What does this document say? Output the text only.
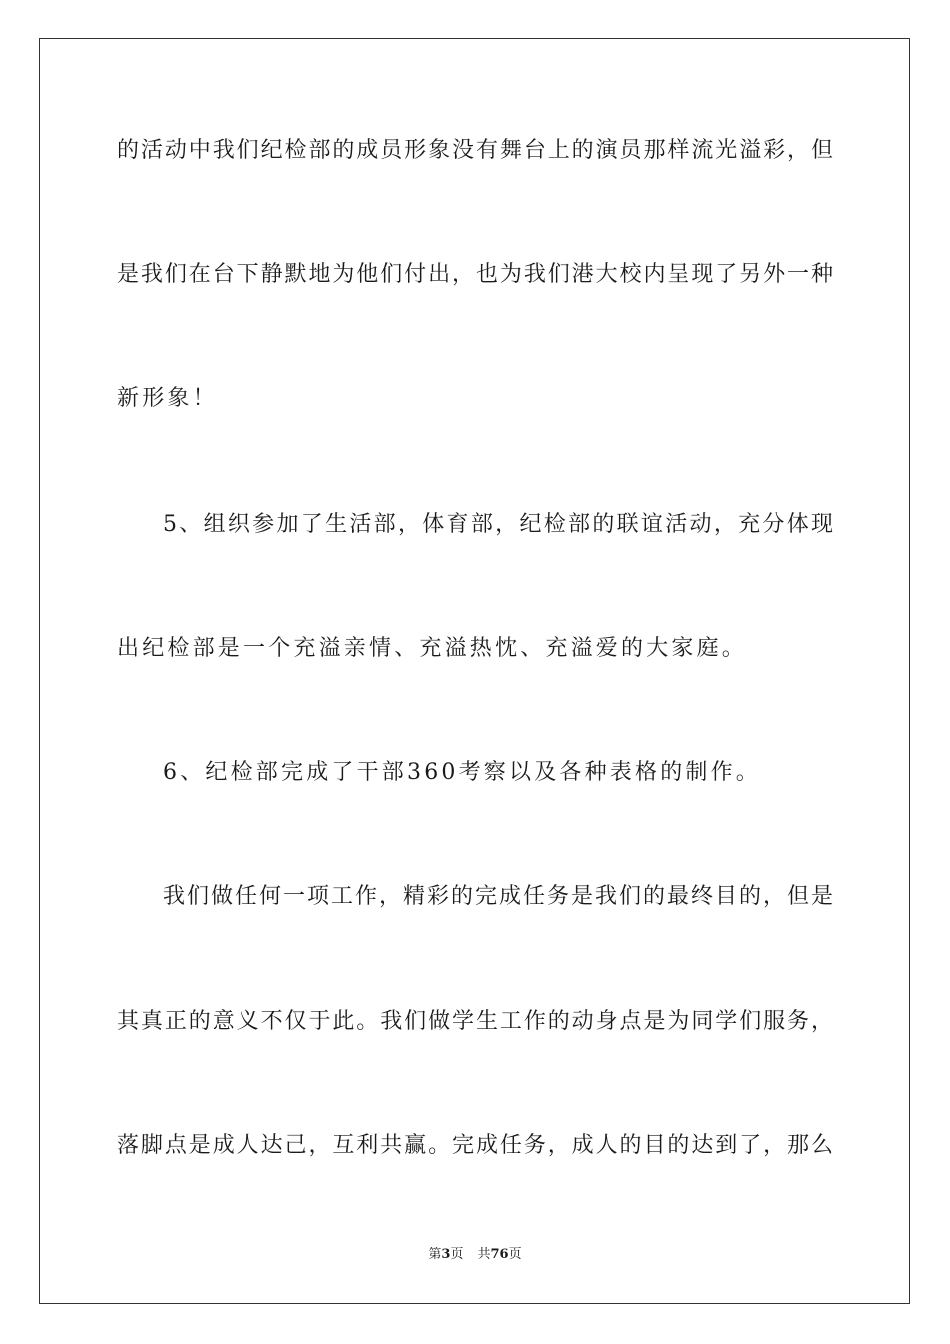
的活动中我们纪检部的成员形象没有舞台上的演员那样流光溢彩，但
是我们在台下静默地为他们付出，也为我们港大校内呈现了另外一种
新形象！
5、组织参加了生活部，体育部，纪检部的联谊活动，充分体现
出纪检部是一个充溢亲情、充溢热忱、充溢爱的大家庭。
6、纪检部完成了干部360考察以及各种表格的制作。
我们做任何一项工作，精彩的完成任务是我们的最终目的，但是
其真正的意义不仅于此。我们做学生工作的动身点是为同学们服务，
落脚点是成人达己，互利共赢。完成任务，成人的目的达到了，那么
第3页 共76页
